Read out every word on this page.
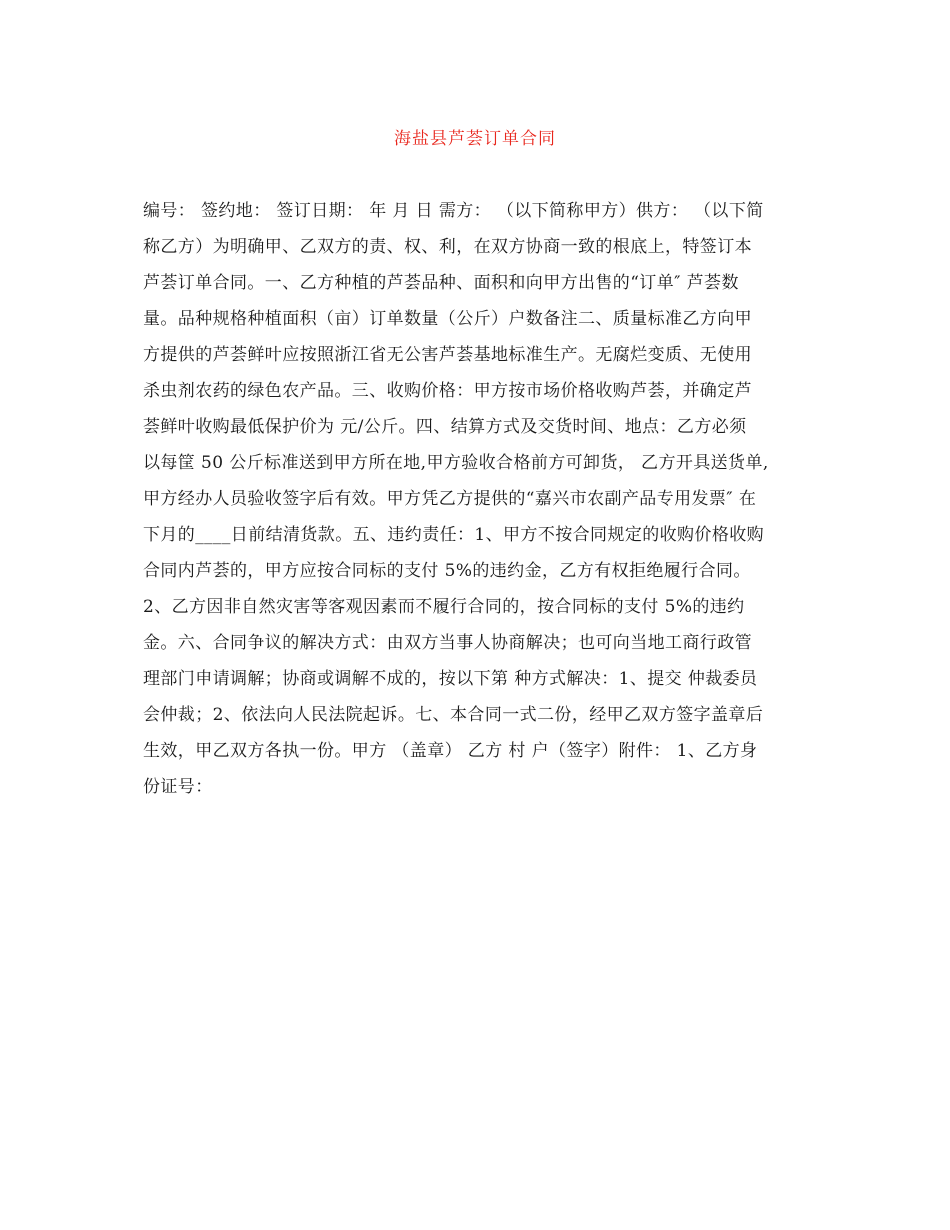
海盐县芦荟订单合同
编号： 签约地： 签订日期： 年 月 日 需方： （以下简称甲方）供方： （以下简
称乙方）为明确甲、乙双方的责、权、利，在双方协商一致的根底上，特签订本
芦荟订单合同。一、乙方种植的芦荟品种、面积和向甲方出售的“订单″ 芦荟数
量。品种规格种植面积（亩）订单数量（公斤）户数备注二、质量标准乙方向甲
方提供的芦荟鲜叶应按照浙江省无公害芦荟基地标准生产。无腐烂变质、无使用
杀虫剂农药的绿色农产品。三、收购价格：甲方按市场价格收购芦荟，并确定芦
荟鲜叶收购最低保护价为 元/公斤。四、结算方式及交货时间、地点：乙方必须
以每筐 50 公斤标准送到甲方所在地,甲方验收合格前方可卸货， 乙方开具送货单,
甲方经办人员验收签字后有效。甲方凭乙方提供的“嘉兴市农副产品专用发票″ 在
下月的____日前结清货款。五、违约责任：1、甲方不按合同规定的收购价格收购
合同内芦荟的，甲方应按合同标的支付 5%的违约金，乙方有权拒绝履行合同。
2、乙方因非自然灾害等客观因素而不履行合同的，按合同标的支付 5%的违约
金。六、合同争议的解决方式：由双方当事人协商解决；也可向当地工商行政管
理部门申请调解；协商或调解不成的，按以下第 种方式解决：1、提交 仲裁委员
会仲裁；2、依法向人民法院起诉。七、本合同一式二份，经甲乙双方签字盖章后
生效，甲乙双方各执一份。甲方 （盖章） 乙方 村 户（签字）附件： 1、乙方身
份证号：
